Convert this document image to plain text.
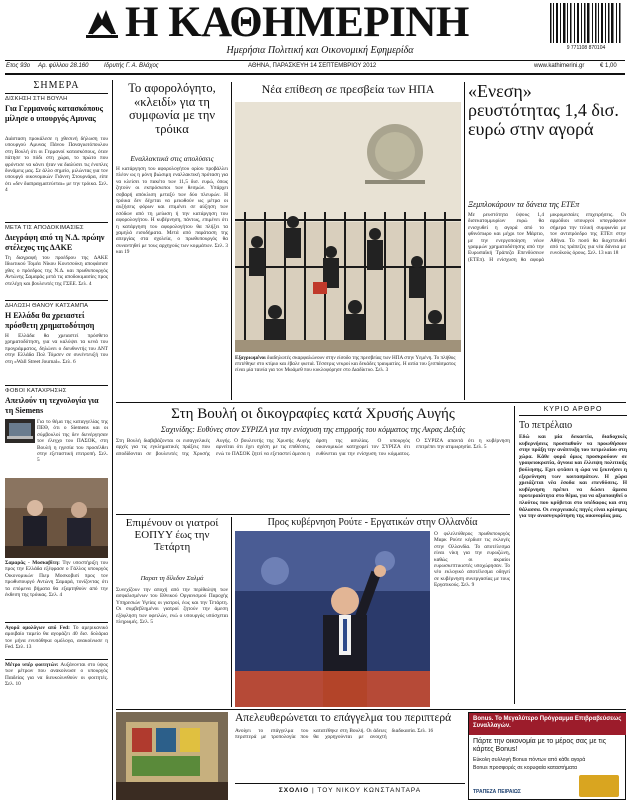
Η ΚΑΘΗΜΕΡΙΝΗ
9 771108 870104
Ημερήσια Πολιτική και Οικονομική Εφημερίδα
Ετος 93ο Αρ. φύλλου 28.160	Ιδρυτής Γ. Α. Βλάχος	ΑΘΗΝΑ, ΠΑΡΑΣΚΕΥΗ 14 ΣΕΠΤΕΜΒΡΙΟΥ 2012	www.kathimerini.gr	€ 1,00
ΣΗΜΕΡΑ
ΔΙΣΚΗΣΗ ΣΤΗ ΒΟΥΛΗ
Για Γερμανούς κατασκόπους μίλησε ο υπουργός Αμυνας
Διάσταση προκάλεσε η χθεσινή δήλωση του υπουργού Αμυνας Πάνου Παναγιωτόπουλου στη Βουλή ότι οι Γερμανοί κατασκόπους, όταν πάτησε το πόδι στη χώρα, το πρώτο που φρόντισε να κάνει ήταν να διαλύσει τις ένοπλες δυνάμεις μας. Σε άλλο σημείο, μιλώντας για τον υπουργό οικονομικών Γιάννη Στουρνάρα, είπε ότι «δεν διαπραγματεύεται» με την τρόικα. Σελ. 4
ΜΕΤΑ ΤΙΣ ΑΠΟΔΟΚΙΜΑΣΙΕΣ
Διεγράφη από τη Ν.Δ. πρώην στέλεχος της ΔΑΚΕ
Τη διαγραφή του προέδρου της ΔΑΚΕ Ιδιωτικού Τομέα Νίκου Κουτσούκη αποφάσισε χθες ο πρόεδρος της Ν.Δ. και πρωθυπουργός Αντώνης Σαμαράς μετά τις αποδοκιμασίες προς στελέχη και βουλευτές της ΓΣΕΕ. Σελ. 4
ΔΗΛΩΣΗ ΘΑΝΟΥ ΚΑΤΣΑΜΠΑ
Η Ελλάδα θα χρειαστεί πρόσθετη χρηματοδότηση
Η Ελλάδα θα χρειαστεί πρόσθετο χρηματοδότηση, για να καλύψει τα κενά του προγράμματος, δηλώνει ο διευθυντής του ΔΝΤ στην Ελλάδα Πολ Τόμσεν σε συνέντευξή του στη «Wall Street Journal». Σελ. 6
ΦΟΒΟΙ ΚΑΤΑΧΡΗΣΗΣ
Απειλούν τη τεχνολογία για τη Siemens
Για το θέμα της καταγγελίας της ΠΕΘ, ότι ο Siemens και οι σύμβουλοί της δεν διενέργησαν τον έλεγχο του ΠΑΣΟΚ, στη Βουλή η ηγεσία του προσέλθει στην εξεταστική επιτροπή. Σελ. 5
Σαμαράς - Μοσκοβίτη: Την υποστήριξη του προς την Ελλάδα εξέφρασε ο Γάλλος υπουργός Οικονομικών Πιερ Μοσκοβισί προς τον πρωθυπουργό Αντώνη Σαμαρά, τονίζοντας ότι τα επόμενα βήματα θα εξαρτηθούν από την έκθεση της τρόικας. Σελ. 4
Αγορά ομολόγων από Fed: Το αμερικανικό αμοιβαίο ταμείο θα αγοράζει 40 δισ. δολάρια τον μήνα ενυπόθηκα ομόλογα, ανακοίνωσε η Fed. Σελ. 13
Μέτρο υπέρ φοιτητών: Αυξάνονται στο ύψος των μέτρων που ανακοίνωσε ο υπουργός Παιδείας για να διευκολυνθούν οι φοιτητές. Σελ. 10
Το αφορολόγητο, «κλειδί» για τη συμφωνία με την τρόικα
Εναλλακτικά στις απολύσεις
Η κατάργηση του αφορολογήτου ορίου προβάλλει πλέον ως η μόνη βιώσιμη εναλλακτική πρόταση για να κλείσει το πακέτο των 11,5 δισ. ευρώ, όπως ζητούν οι εκπρόσωποι των θεσμών. Υπάρχει σοβαρή απόκλιση μεταξύ των δύο πλευρών. Η τρόικα δεν δέχεται να μειωθούν ως μέτρα οι αυξήσεις φόρων και επιμένει σε αύξηση των εσόδων από τη μείωση ή την κατάργηση του αφορολογήτου. Η κυβέρνηση, πάντως, επιμένει ότι η κατάργηση του αφορολογήτου θα πλήξει τα χαμηλά εισοδήματα. Μετά από παράταση της απεργίας στα σχολεία, ο πρωθυπουργός θα συναντηθεί με τους αρχηγούς των κομμάτων. Σελ. 3 και 19
Νέα επίθεση σε πρεσβεία των ΗΠΑ
Εξαγριωμένοι διαδηλωτές σκαρφαλώνουν στην είσοδο της πρεσβείας των ΗΠΑ στην Υεμένη. Το πλήθος επιτέθηκε στο κτίριο και έβαλε φωτιά. Τέσσερις νεκροί και δεκάδες τραυματίες. Η αιτία του ξεσπάσματος είναι μία ταινία για τον Μωάμεθ που κυκλοφόρησε στο Διαδίκτυο. Σελ. 3
«Ενεση» ρευστότητας 1,4 δισ. ευρώ στην αγορά
Ξεμπλοκάρουν τα δάνεια της ΕΤΕπ
Με ρευστότητα ύψους 1,4 δισεκατομμυρίων ευρώ θα ενισχυθεί η αγορά από το φθινόπωρο και μέχρι τον Μάρτιο, με την ενεργοποίηση νέων γραμμών χρηματοδότησης από την Ευρωπαϊκή Τράπεζα Επενδύσεων (ΕΤΕπ). Η ενίσχυση θα αφορά μικρομεσαίες επιχειρήσεις. Οι αρμόδιοι υπουργοί υπογράφουν σήμερα την τελική συμφωνία με τον αντιπρόεδρο της ΕΤΕπ στην Αθήνα. Το ποσό θα διοχετευθεί από τις τράπεζες για νέα δάνεια με ευνοϊκούς όρους. Σελ. 13 και 18
Στη Βουλή οι δικογραφίες κατά Χρυσής Αυγής
Σαχινίδης: Ευθύνες στον ΣΥΡΙΖΑ για την ενίσχυση της επιρροής του κόμματος της Ακρας Δεξιάς
Στη Βουλή διαβιβάζονται οι εισαγγελικές αρχές για τις εγκληματικές πράξεις που αποδίδονται σε βουλευτές της Χρυσής Αυγής. Ο βουλευτής της Χρυσής Αυγής αρνείται ότι έχει σχέση με τις επιθέσεις, ενώ το ΠΑΣΟΚ ζητεί να εξεταστεί άμεσα η άρση της ασυλίας. Ο υπουργός οικονομικών κατηγορεί τον ΣΥΡΙΖΑ ότι ευθύνεται για την ενίσχυση του κόμματος. Ο ΣΥΡΙΖΑ απαντά ότι η κυβέρνηση επιτρέπει την ατιμωρησία. Σελ. 5
ΚΥΡΙΟ ΑΡΘΡΟ
Το πετρέλαιο
Εδώ και μία δεκαετία, διαδοχικές κυβερνήσεις προσπαθούν να προωθήσουν στην πράξη την ανάπτυξη του πετρελαίου στη χώρα. Κάθε φορά όμως προσκρούουν σε γραφειοκρατία, άγνοια και έλλειψη πολιτικής βούλησης. Εχει φτάσει η ώρα να ξεκινήσει η εξερεύνηση των κοιτασμάτων. Η χώρα χρειάζεται νέα έσοδα και επενδύσεις. Η κυβέρνηση πρέπει να δώσει άμεσα προτεραιότητα στο θέμα, για να αξιοποιηθεί ο πλούτος που κρύβεται στο υπέδαφος και στη θάλασσα. Οι ενεργειακές πηγές είναι κρίσιμες για την ανασυγκρότηση της οικονομίας μας.
Επιμένουν οι γιατροί ΕΟΠΥΥ έως την Τετάρτη
Παρατ τη δίλιδον Σαλμά
Συνεχίζουν την αποχή από την περίθαλψη των ασφαλισμένων του Εθνικού Οργανισμού Παροχής Υπηρεσιών Υγείας οι γιατροί, έως και την Τετάρτη. Οι συμβεβλημένοι γιατροί ζητούν την άμεση εξόφληση των οφειλών, ενώ ο υπουργός υπόσχεται πληρωμές. Σελ. 5
Προς κυβέρνηση Ρούτε - Εργατικών στην Ολλανδία
Ο φιλελεύθερος πρωθυπουργός Μαρκ Ρούτε κέρδισε τις εκλογές στην Ολλανδία. Το αποτέλεσμα είναι νίκη για την ευρωζώνη, καθώς οι ακραίοι ευρωσκεπτικιστές υποχώρησαν. Το νέο εκλογικό αποτέλεσμα οδηγεί σε κυβέρνηση συνεργασίας με τους Εργατικούς. Σελ. 9
Απελευθερώνεται το επάγγελμα του περιπτερά
Ανοίγει το επάγγελμα του περιπτερά με τροπολογία που κατατέθηκε στη Βουλή. Οι άδειες θα χορηγούνται με ανοιχτή διαδικασία. Σελ. 16
ΣΧΟΛΙΟ | ΤΟΥ ΝΙΚΟΥ ΚΩΝΣΤΑΝΤΑΡΑ
Bonus. Το Μεγαλύτερο Πρόγραμμα Επιβραβεύσεως Συναλλαγών.
Πάρτε την οικονομία με το μέρος σας με τις κάρτες Bonus!
Εύκολη συλλογή Bonus πόντων από κάθε αγορά
Bonus προσφορές σε κορυφαία καταστήματα
ΤΡΑΠΕΖΑ ΠΕΙΡΑΙΩΣ
